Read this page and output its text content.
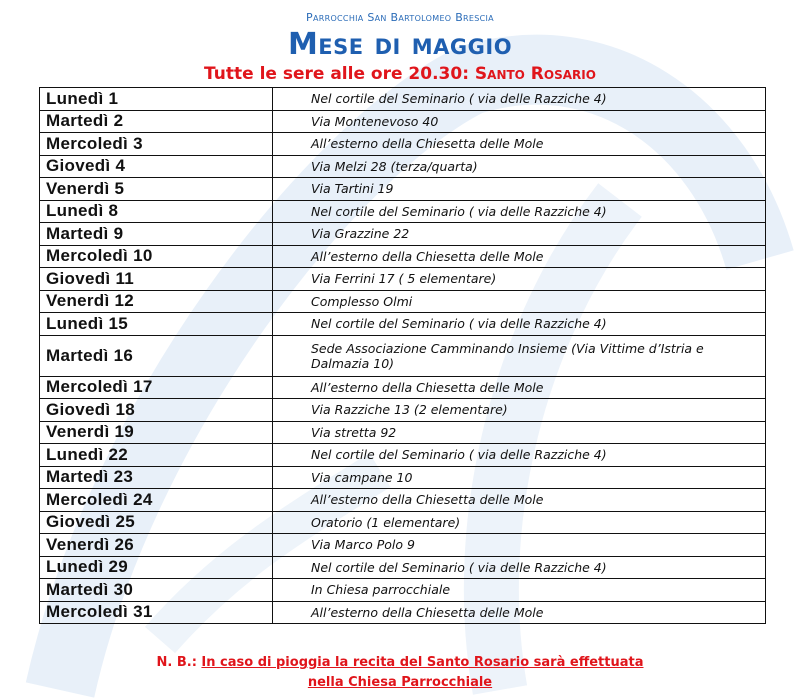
Parrocchia San Bartolomeo Brescia
Mese di maggio
Tutte le sere alle ore 20.30: Santo Rosario
Lunedì 1	Nel cortile del Seminario ( via delle Razziche 4)
Martedì 2	Via Montenevoso 40
Mercoledì 3	All’esterno della Chiesetta delle Mole
Giovedì 4	Via Melzi 28 (terza/quarta)
Venerdì 5	Via Tartini 19
Lunedì 8	Nel cortile del Seminario ( via delle Razziche 4)
Martedì 9	Via Grazzine 22
Mercoledì 10	All’esterno della Chiesetta delle Mole
Giovedì 11	Via Ferrini 17 ( 5 elementare)
Venerdì 12	Complesso Olmi
Lunedì 15	Nel cortile del Seminario ( via delle Razziche 4)
Martedì 16	Sede Associazione Camminando Insieme (Via Vittime d’Istria e Dalmazia 10)
Mercoledì 17	All’esterno della Chiesetta delle Mole
Giovedì 18	Via Razziche 13 (2 elementare)
Venerdì 19	Via stretta 92
Lunedì 22	Nel cortile del Seminario ( via delle Razziche 4)
Martedì 23	Via campane 10
Mercoledì 24	All’esterno della Chiesetta delle Mole
Giovedì 25	Oratorio (1 elementare)
Venerdì 26	Via Marco Polo 9
Lunedì 29	Nel cortile del Seminario ( via delle Razziche 4)
Martedì 30	In Chiesa parrocchiale
Mercoledì 31	All’esterno della Chiesetta delle Mole
N. B.: In caso di pioggia la recita del Santo Rosario sarà effettuata
nella Chiesa Parrocchiale
